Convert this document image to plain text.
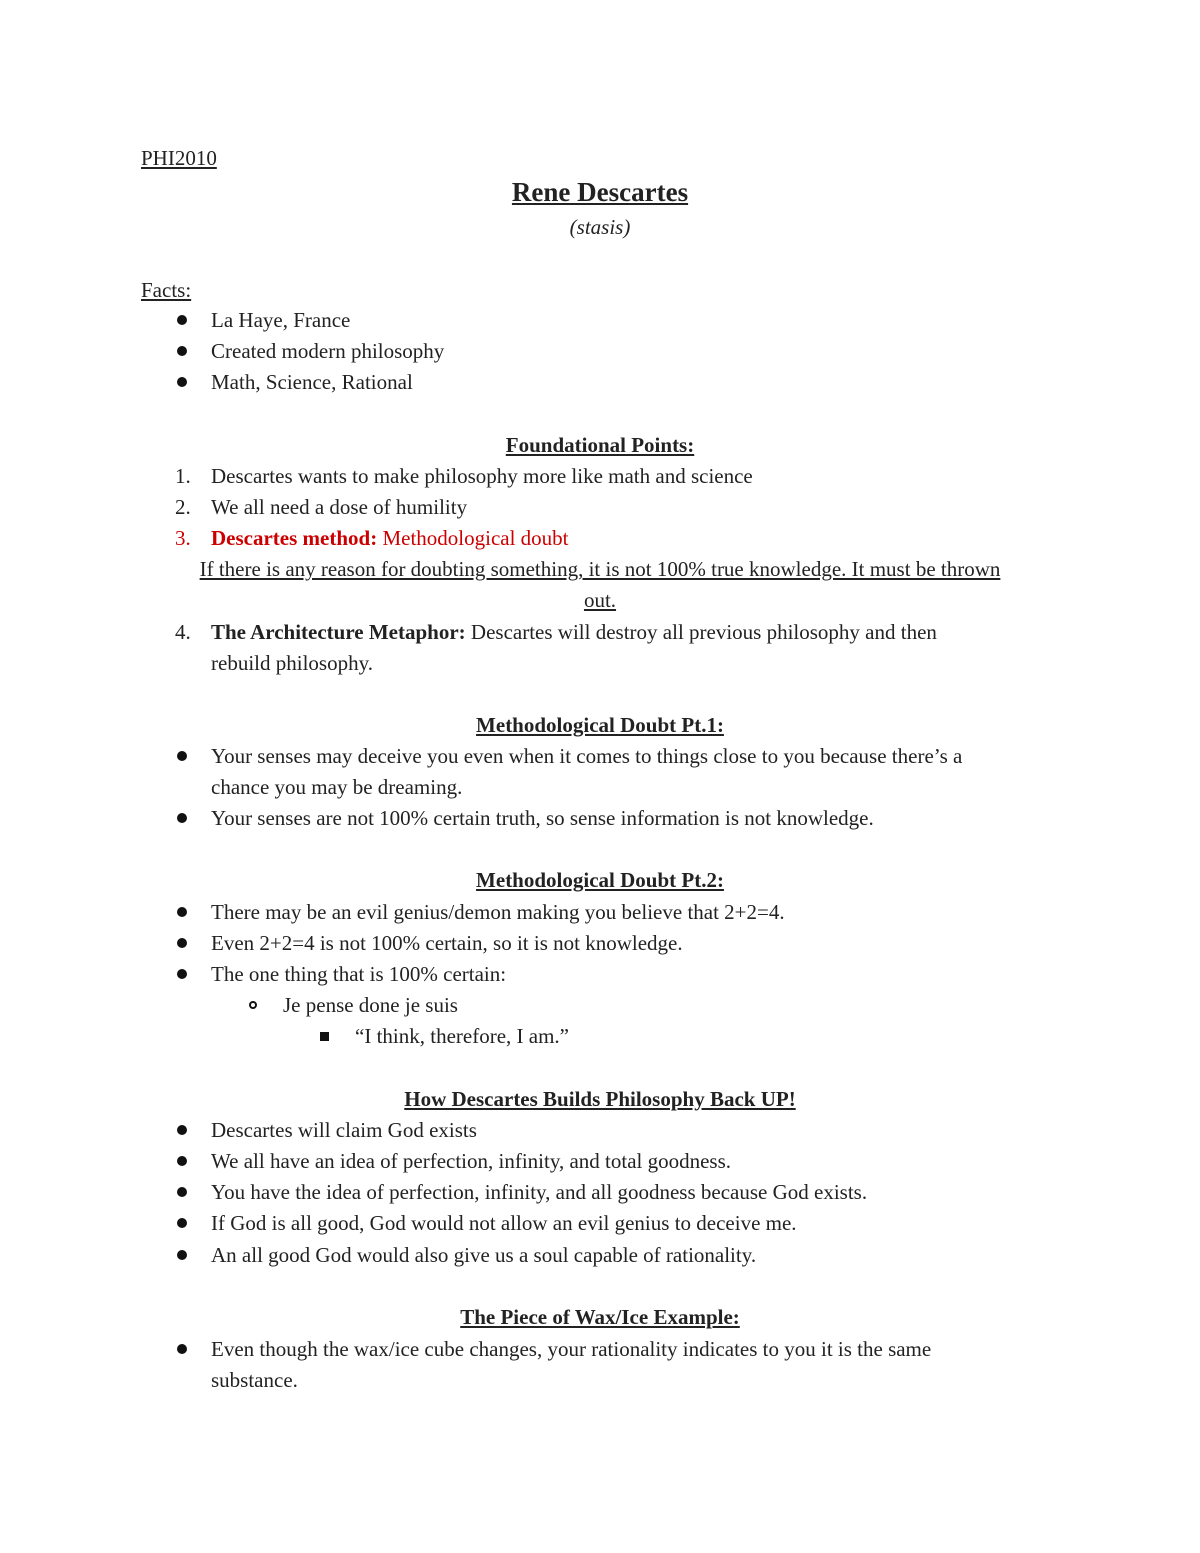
PHI2010
Rene Descartes
(stasis)
Facts:
La Haye, France
Created modern philosophy
Math, Science, Rational
Foundational Points:
1. Descartes wants to make philosophy more like math and science
2. We all need a dose of humility
3. Descartes method: Methodological doubt
If there is any reason for doubting something, it is not 100% true knowledge. It must be thrown
out.
4. The Architecture Metaphor: Descartes will destroy all previous philosophy and then
rebuild philosophy.
Methodological Doubt Pt.1:
Your senses may deceive you even when it comes to things close to you because there’s a
chance you may be dreaming.
Your senses are not 100% certain truth, so sense information is not knowledge.
Methodological Doubt Pt.2:
There may be an evil genius/demon making you believe that 2+2=4.
Even 2+2=4 is not 100% certain, so it is not knowledge.
The one thing that is 100% certain:
Je pense done je suis
“I think, therefore, I am.”
How Descartes Builds Philosophy Back UP!
Descartes will claim God exists
We all have an idea of perfection, infinity, and total goodness.
You have the idea of perfection, infinity, and all goodness because God exists.
If God is all good, God would not allow an evil genius to deceive me.
An all good God would also give us a soul capable of rationality.
The Piece of Wax/Ice Example:
Even though the wax/ice cube changes, your rationality indicates to you it is the same
substance.
